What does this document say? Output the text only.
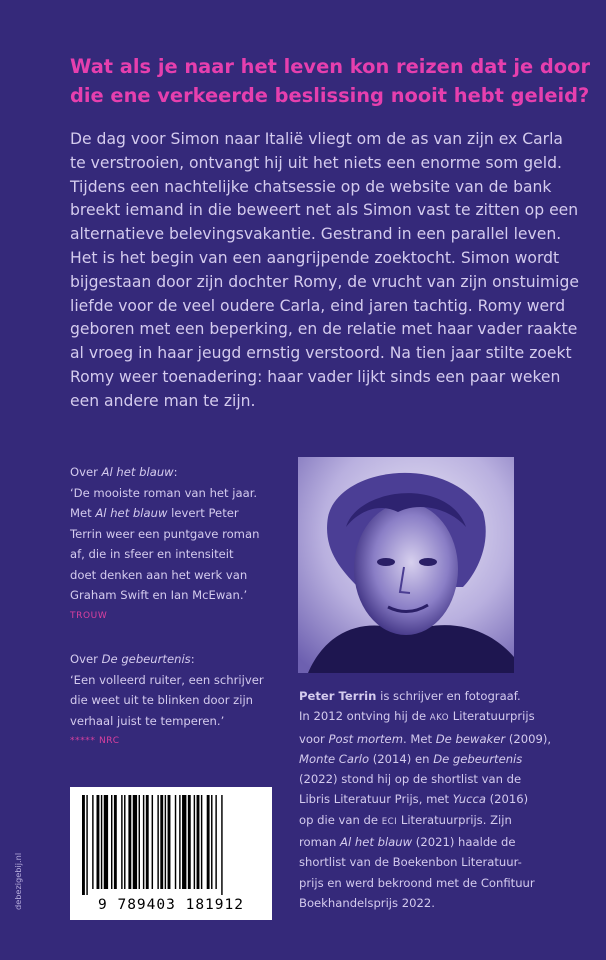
Wat als je naar het leven kon reizen dat je door
die ene verkeerde beslissing nooit hebt geleid?
De dag voor Simon naar Italië vliegt om de as van zijn ex Carla
te verstrooien, ontvangt hij uit het niets een enorme som geld.
Tijdens een nachtelijke chatsessie op de website van de bank
breekt iemand in die beweert net als Simon vast te zitten op een
alternatieve belevingsvakantie. Gestrand in een parallel leven.
Het is het begin van een aangrijpende zoektocht. Simon wordt
bijgestaan door zijn dochter Romy, de vrucht van zijn onstuimige
liefde voor de veel oudere Carla, eind jaren tachtig. Romy werd
geboren met een beperking, en de relatie met haar vader raakte
al vroeg in haar jeugd ernstig verstoord. Na tien jaar stilte zoekt
Romy weer toenadering: haar vader lijkt sinds een paar weken
een andere man te zijn.
Over Al het blauw:
‘De mooiste roman van het jaar.
Met Al het blauw levert Peter
Terrin weer een puntgave roman
af, die in sfeer en intensiteit
doet denken aan het werk van
Graham Swift en Ian McEwan.’
TROUW
Over De gebeurtenis:
‘Een volleerd ruiter, een schrijver
die weet uit te blinken door zijn
verhaal juist te temperen.’
***** NRC
Peter Terrin is schrijver en fotograaf.
In 2012 ontving hij de AKO Literatuurprijs
voor Post mortem. Met De bewaker (2009),
Monte Carlo (2014) en De gebeurtenis
(2022) stond hij op de shortlist van de
Libris Literatuur Prijs, met Yucca (2016)
op die van de ECI Literatuurprijs. Zijn
roman Al het blauw (2021) haalde de
shortlist van de Boekenbon Literatuur-
prijs en werd bekroond met de Confituur
Boekhandelsprijs 2022.
9 789403 181912
debezigebij.nl
